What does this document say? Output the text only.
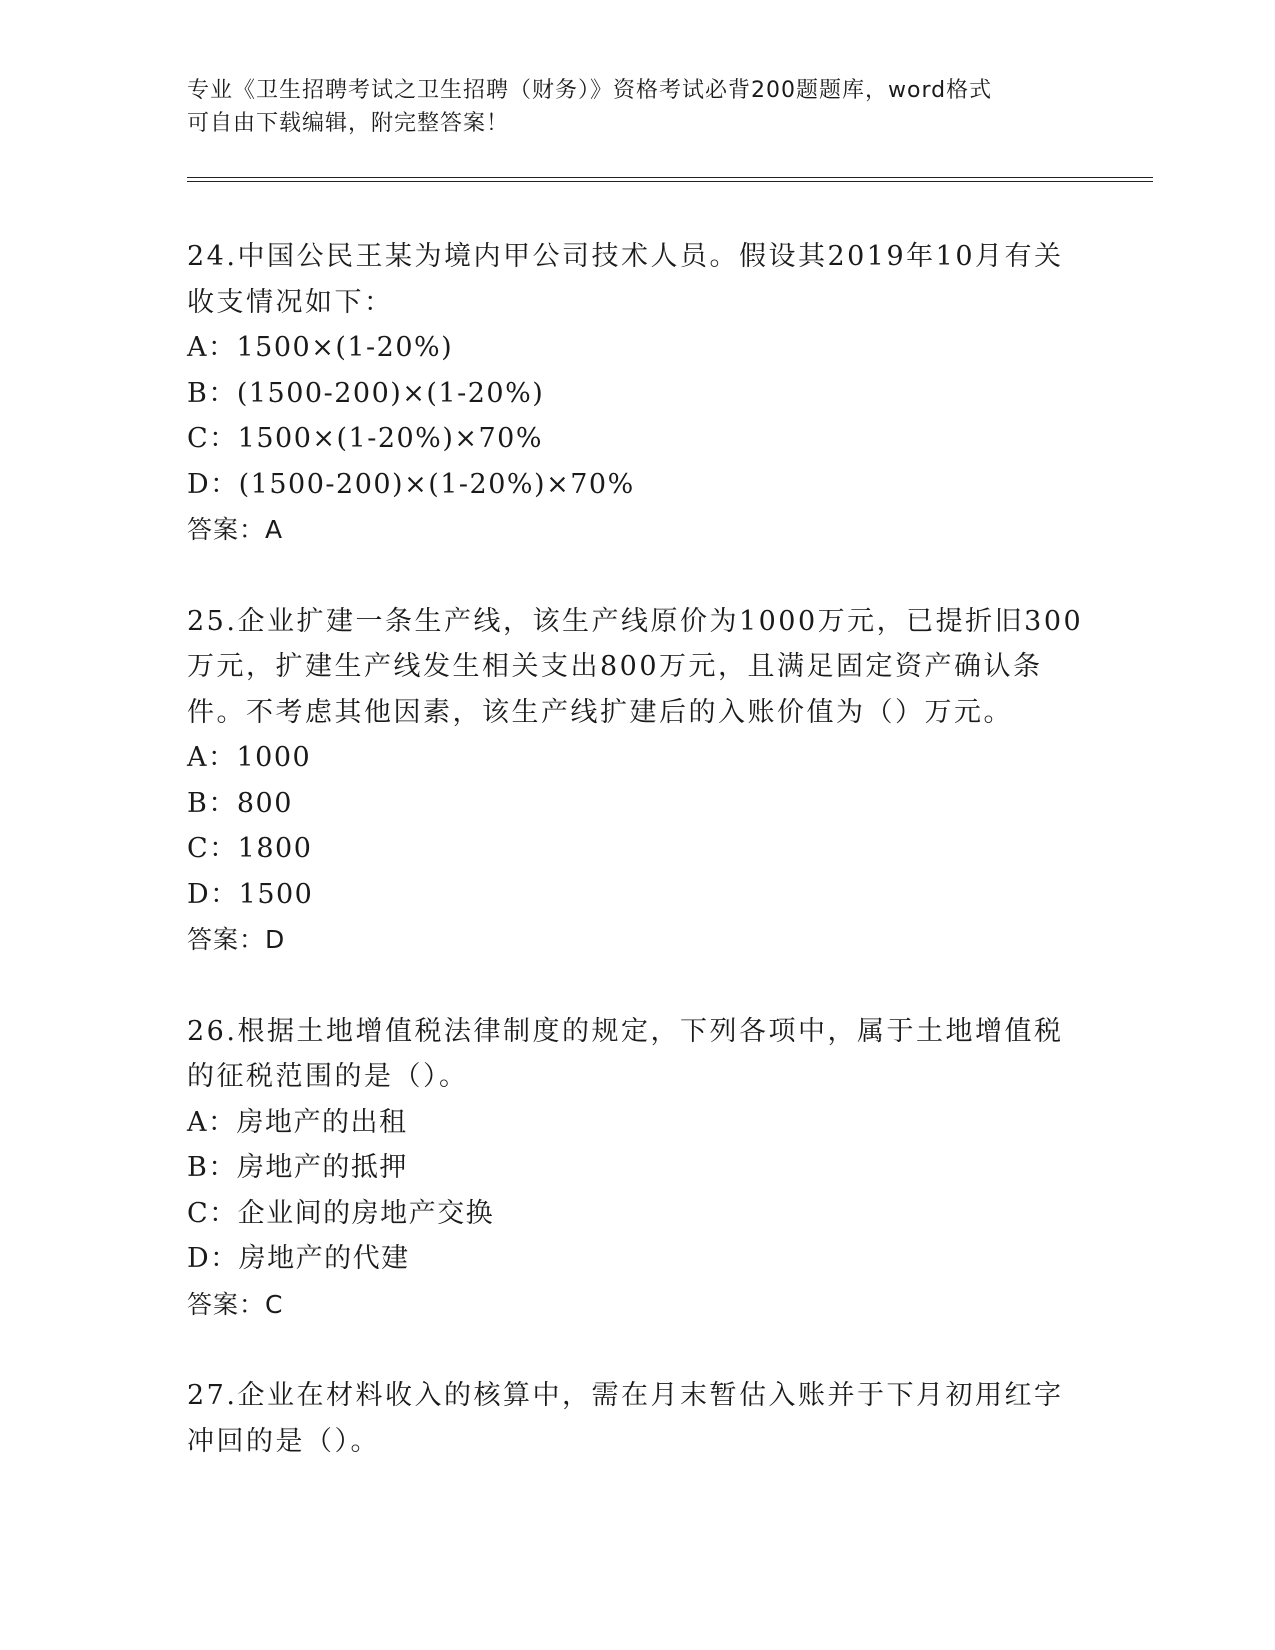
专业《卫生招聘考试之卫生招聘（财务）》资格考试必背200题题库，word格式
可自由下载编辑，附完整答案！

24.中国公民王某为境内甲公司技术人员。假设其2019年10月有关收支情况如下：

A：1500×(1-20%)

B：(1500-200)×(1-20%)

C：1500×(1-20%)×70%

D：(1500-200)×(1-20%)×70%

答案：A

25.企业扩建一条生产线，该生产线原价为1000万元，已提折旧300万元，扩建生产线发生相关支出800万元，且满足固定资产确认条件。不考虑其他因素，该生产线扩建后的入账价值为（）万元。

A：1000

B：800

C：1800

D：1500

答案：D

26.根据土地增值税法律制度的规定，下列各项中，属于土地增值税的征税范围的是（）。

A：房地产的出租

B：房地产的抵押

C：企业间的房地产交换

D：房地产的代建

答案：C

27.企业在材料收入的核算中，需在月末暂估入账并于下月初用红字冲回的是（）。
